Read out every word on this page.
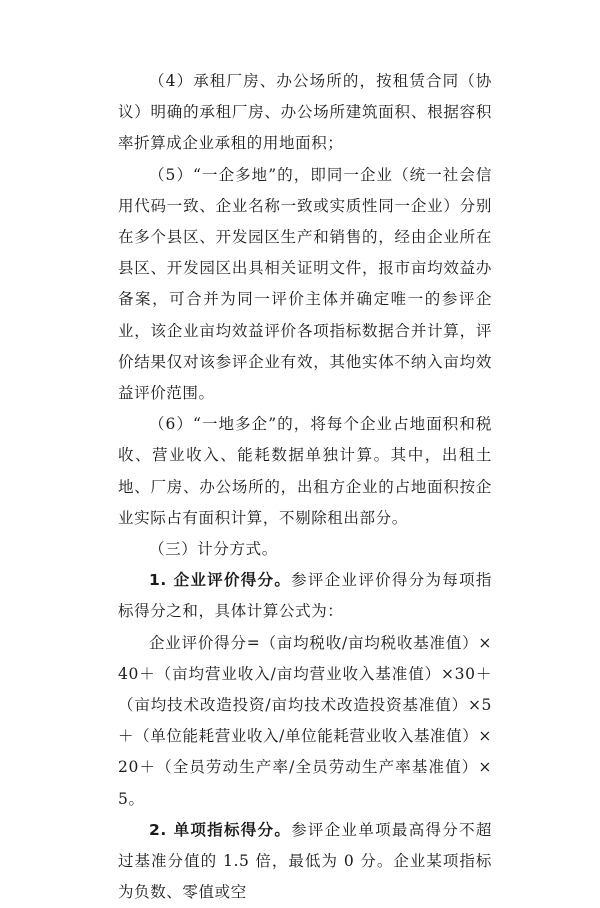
（4）承租厂房、办公场所的，按租赁合同（协议）明确的承租厂房、办公场所建筑面积、根据容积率折算成企业承租的用地面积；

（5）“一企多地”的，即同一企业（统一社会信用代码一致、企业名称一致或实质性同一企业）分别在多个县区、开发园区生产和销售的，经由企业所在县区、开发园区出具相关证明文件，报市亩均效益办备案，可合并为同一评价主体并确定唯一的参评企业，该企业亩均效益评价各项指标数据合并计算，评价结果仅对该参评企业有效，其他实体不纳入亩均效益评价范围。

（6）“一地多企”的，将每个企业占地面积和税收、营业收入、能耗数据单独计算。其中，出租土地、厂房、办公场所的，出租方企业的占地面积按企业实际占有面积计算，不剔除租出部分。

（三）计分方式。

1. 企业评价得分。参评企业评价得分为每项指标得分之和，具体计算公式为：

企业评价得分=（亩均税收/亩均税收基准值）×40＋（亩均营业收入/亩均营业收入基准值）×30＋（亩均技术改造投资/亩均技术改造投资基准值）×5＋（单位能耗营业收入/单位能耗营业收入基准值）×20＋（全员劳动生产率/全员劳动生产率基准值）×5。

2. 单项指标得分。参评企业单项最高得分不超过基准分值的 1.5 倍，最低为 0 分。企业某项指标为负数、零值或空
